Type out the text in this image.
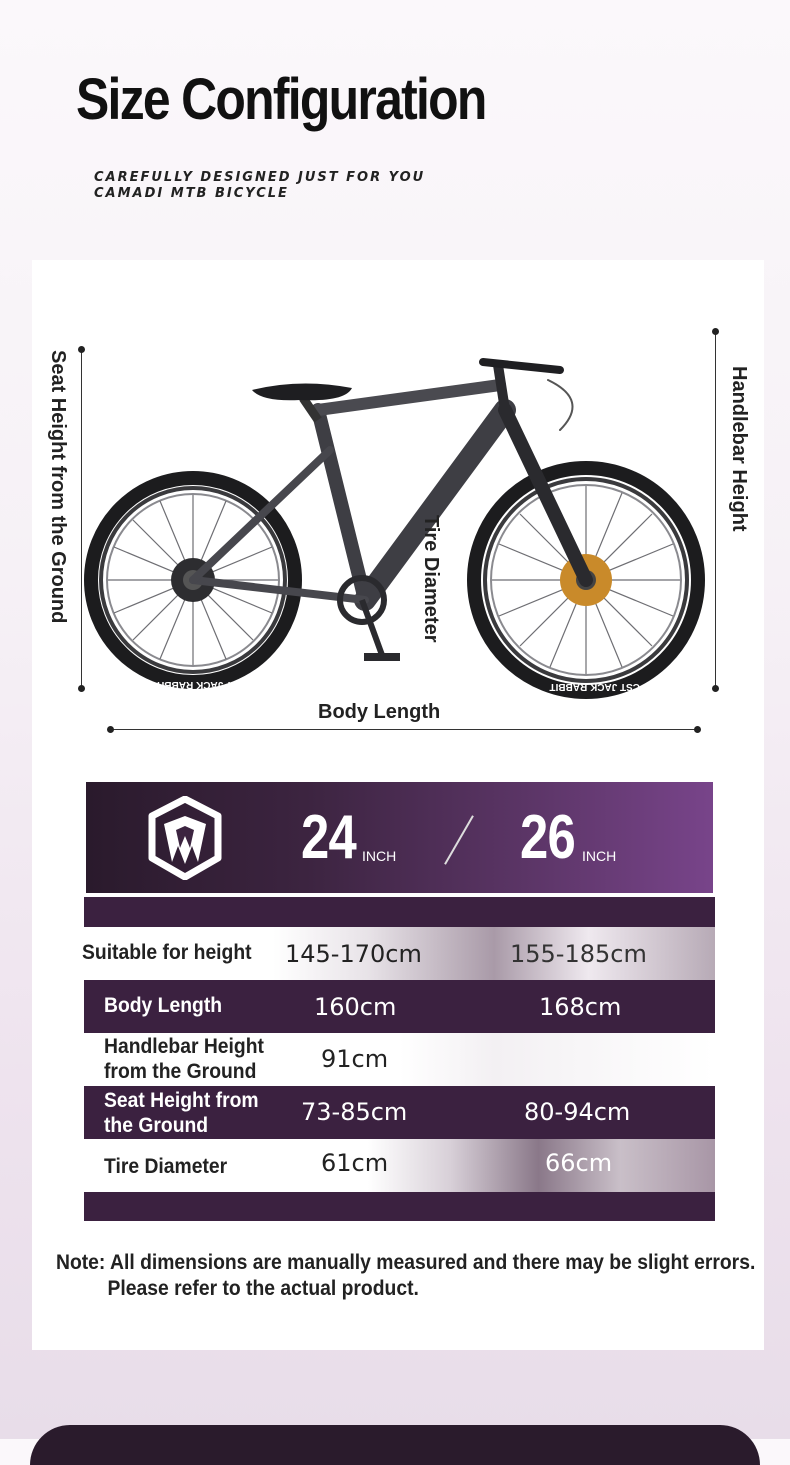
Size Configuration
CAREFULLY DESIGNED JUST FOR YOU
CAMADI MTB BICYCLE
CST JACK RABBIT	CST JACK RABBIT
Seat Height from the Ground	Handlebar Height
Tire Diameter
Body Length
24 INCH 26 INCH
Suitable for height 145-170cm	155-185cm
Body Length	160cm	168cm
Handlebar Height
from the Ground	91cm
Seat Height from
the Ground	73-85cm	80-94cm
Tire Diameter	61cm	66cm
Note: All dimensions are manually measured and there may be slight errors.
Please refer to the actual product.
